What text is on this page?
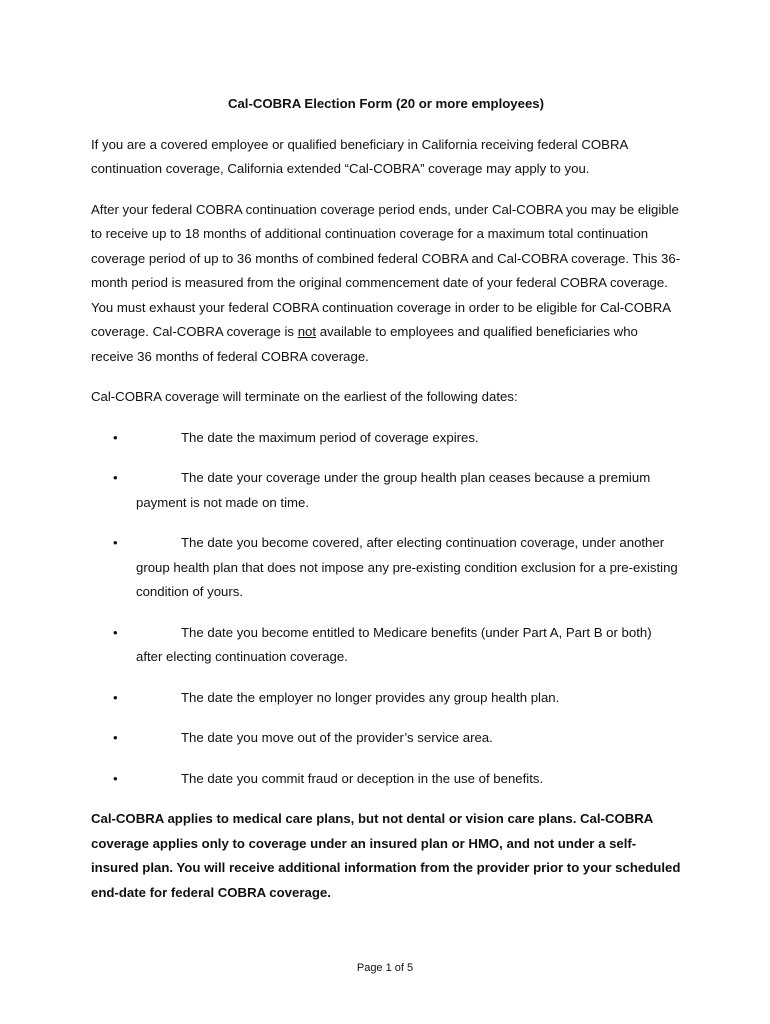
Cal-COBRA Election Form (20 or more employees)

If you are a covered employee or qualified beneficiary in California receiving federal COBRA continuation coverage, California extended “Cal-COBRA” coverage may apply to you.

After your federal COBRA continuation coverage period ends, under Cal-COBRA you may be eligible to receive up to 18 months of additional continuation coverage for a maximum total continuation coverage period of up to 36 months of combined federal COBRA and Cal-COBRA coverage. This 36-month period is measured from the original commencement date of your federal COBRA coverage. You must exhaust your federal COBRA continuation coverage in order to be eligible for Cal-COBRA coverage. Cal-COBRA coverage is not available to employees and qualified beneficiaries who receive 36 months of federal COBRA coverage.

Cal-COBRA coverage will terminate on the earliest of the following dates:

•	The date the maximum period of coverage expires.
•	The date your coverage under the group health plan ceases because a premium payment is not made on time.
•	The date you become covered, after electing continuation coverage, under another group health plan that does not impose any pre-existing condition exclusion for a pre-existing condition of yours.
•	The date you become entitled to Medicare benefits (under Part A, Part B or both) after electing continuation coverage.
•	The date the employer no longer provides any group health plan.
•	The date you move out of the provider’s service area.
•	The date you commit fraud or deception in the use of benefits.

Cal-COBRA applies to medical care plans, but not dental or vision care plans. Cal-COBRA coverage applies only to coverage under an insured plan or HMO, and not under a self-insured plan. You will receive additional information from the provider prior to your scheduled end-date for federal COBRA coverage.

Page 1 of 5
